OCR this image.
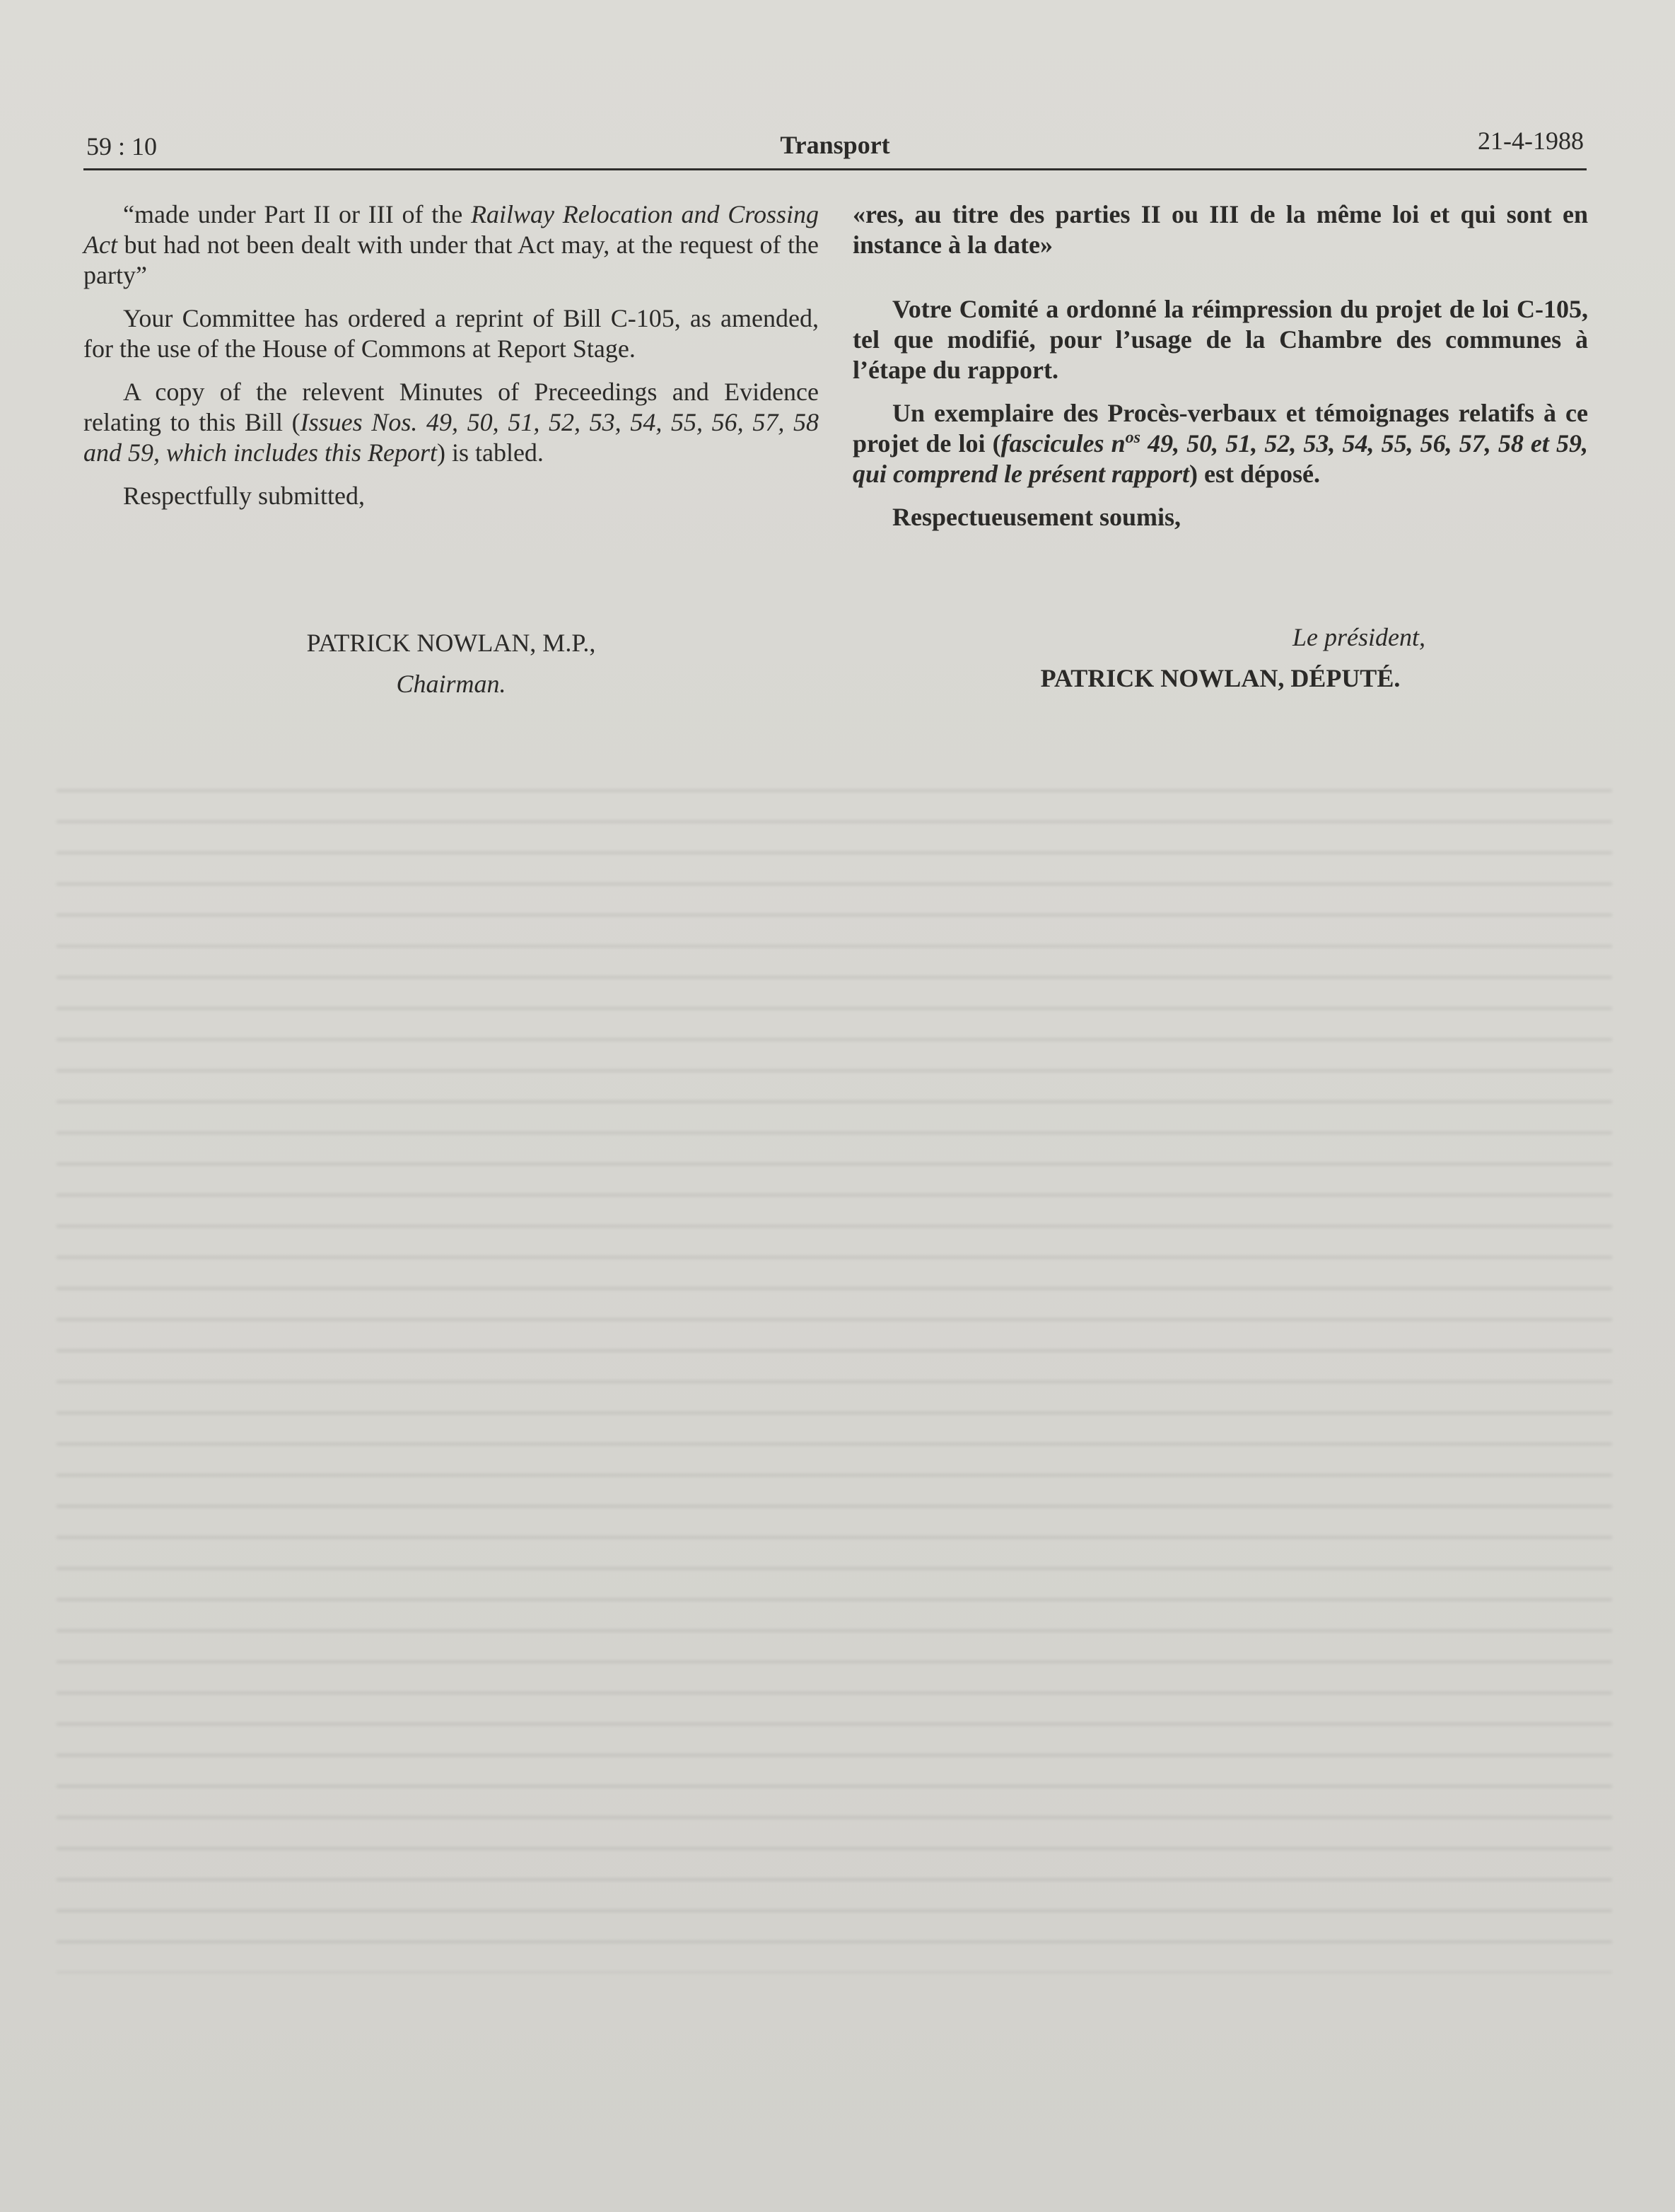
59 : 10	Transport	21-4-1988

“made under Part II or III of the Railway Relocation and Crossing Act but had not been dealt with under that Act may, at the request of the party”

Your Committee has ordered a reprint of Bill C-105, as amended, for the use of the House of Commons at Report Stage.

A copy of the relevent Minutes of Preceedings and Evidence relating to this Bill (Issues Nos. 49, 50, 51, 52, 53, 54, 55, 56, 57, 58 and 59, which includes this Report) is tabled.

Respectfully submitted,

«res, au titre des parties II ou III de la même loi et qui sont en instance à la date»

Votre Comité a ordonné la réimpression du projet de loi C-105, tel que modifié, pour l’usage de la Chambre des communes à l’étape du rapport.

Un exemplaire des Procès-verbaux et témoignages relatifs à ce projet de loi (fascicules $n^{os}$ 49, 50, 51, 52, 53, 54, 55, 56, 57, 58 et 59, qui comprend le présent rapport) est déposé.

Respectueusement soumis,

PATRICK NOWLAN, M.P.,

Chairman.

Le président,

PATRICK NOWLAN, DÉPUTÉ.
